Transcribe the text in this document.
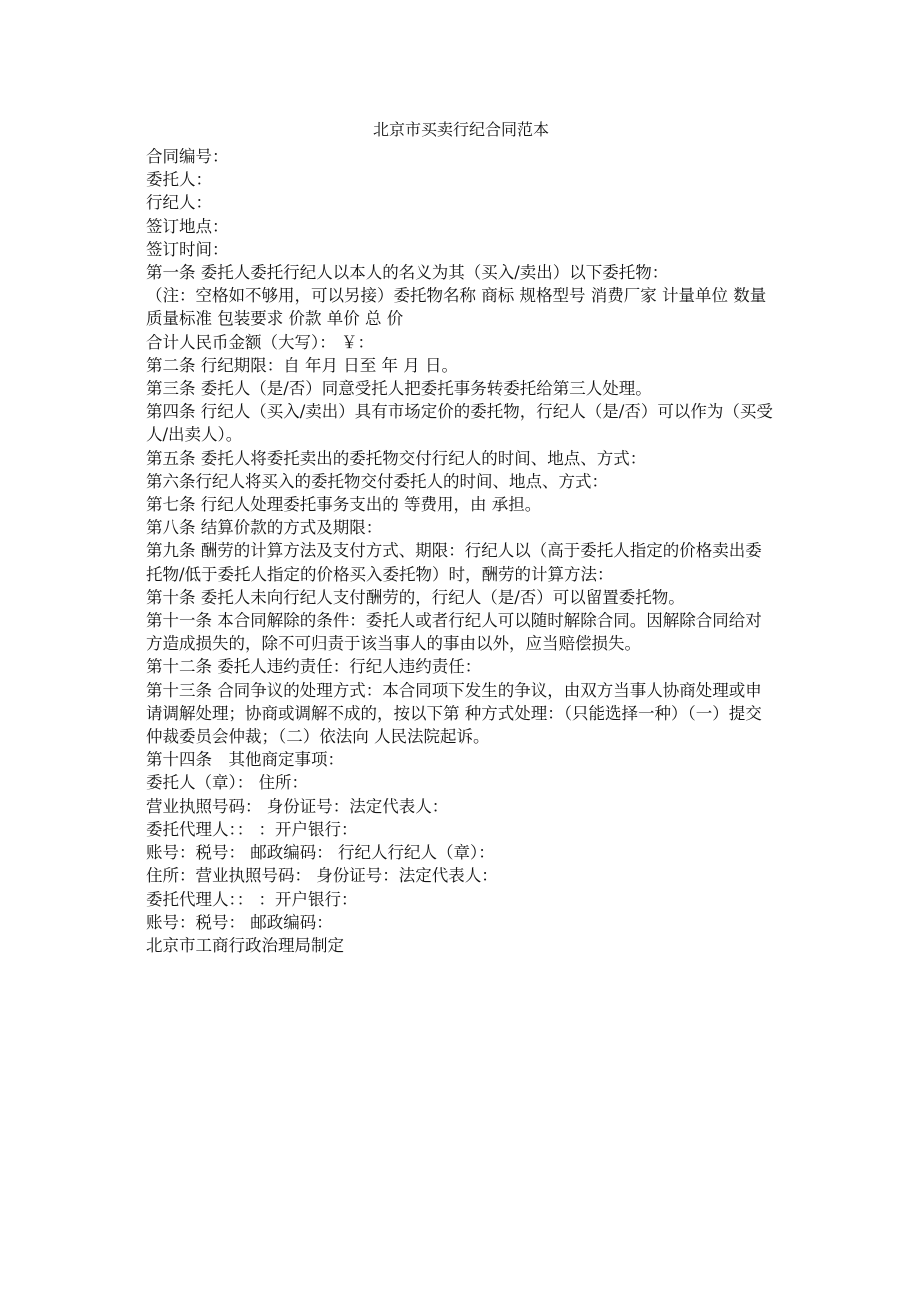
北京市买卖行纪合同范本
合同编号：
委托人：
行纪人：
签订地点：
签订时间：
第一条 委托人委托行纪人以本人的名义为其（买入/卖出）以下委托物：
（注：空格如不够用，可以另接）委托物名称 商标 规格型号 消费厂家 计量单位 数量 质量标准 包装要求 价款 单价 总 价
合计人民币金额（大写）： ￥：
第二条 行纪期限：自 年月 日至 年 月 日。
第三条 委托人（是/否）同意受托人把委托事务转委托给第三人处理。
第四条 行纪人（买入/卖出）具有市场定价的委托物，行纪人（是/否）可以作为（买受人/出卖人）。
第五条 委托人将委托卖出的委托物交付行纪人的时间、地点、方式：
第六条行纪人将买入的委托物交付委托人的时间、地点、方式：
第七条 行纪人处理委托事务支出的 等费用，由 承担。
第八条 结算价款的方式及期限：
第九条 酬劳的计算方法及支付方式、期限：行纪人以（高于委托人指定的价格卖出委托物/低于委托人指定的价格买入委托物）时，酬劳的计算方法：
第十条 委托人未向行纪人支付酬劳的，行纪人（是/否）可以留置委托物。
第十一条 本合同解除的条件：委托人或者行纪人可以随时解除合同。因解除合同给对方造成损失的，除不可归责于该当事人的事由以外，应当赔偿损失。
第十二条 委托人违约责任：行纪人违约责任：
第十三条 合同争议的处理方式：本合同项下发生的争议，由双方当事人协商处理或申请调解处理；协商或调解不成的，按以下第 种方式处理：（只能选择一种）（一）提交 仲裁委员会仲裁；（二）依法向 人民法院起诉。
第十四条　其他商定事项：
委托人（章）： 住所：
营业执照号码： 身份证号：法定代表人：
委托代理人：： ：开户银行：
账号：税号： 邮政编码： 行纪人行纪人（章）：
住所：营业执照号码： 身份证号：法定代表人：
委托代理人：： ：开户银行：
账号：税号： 邮政编码：
北京市工商行政治理局制定
